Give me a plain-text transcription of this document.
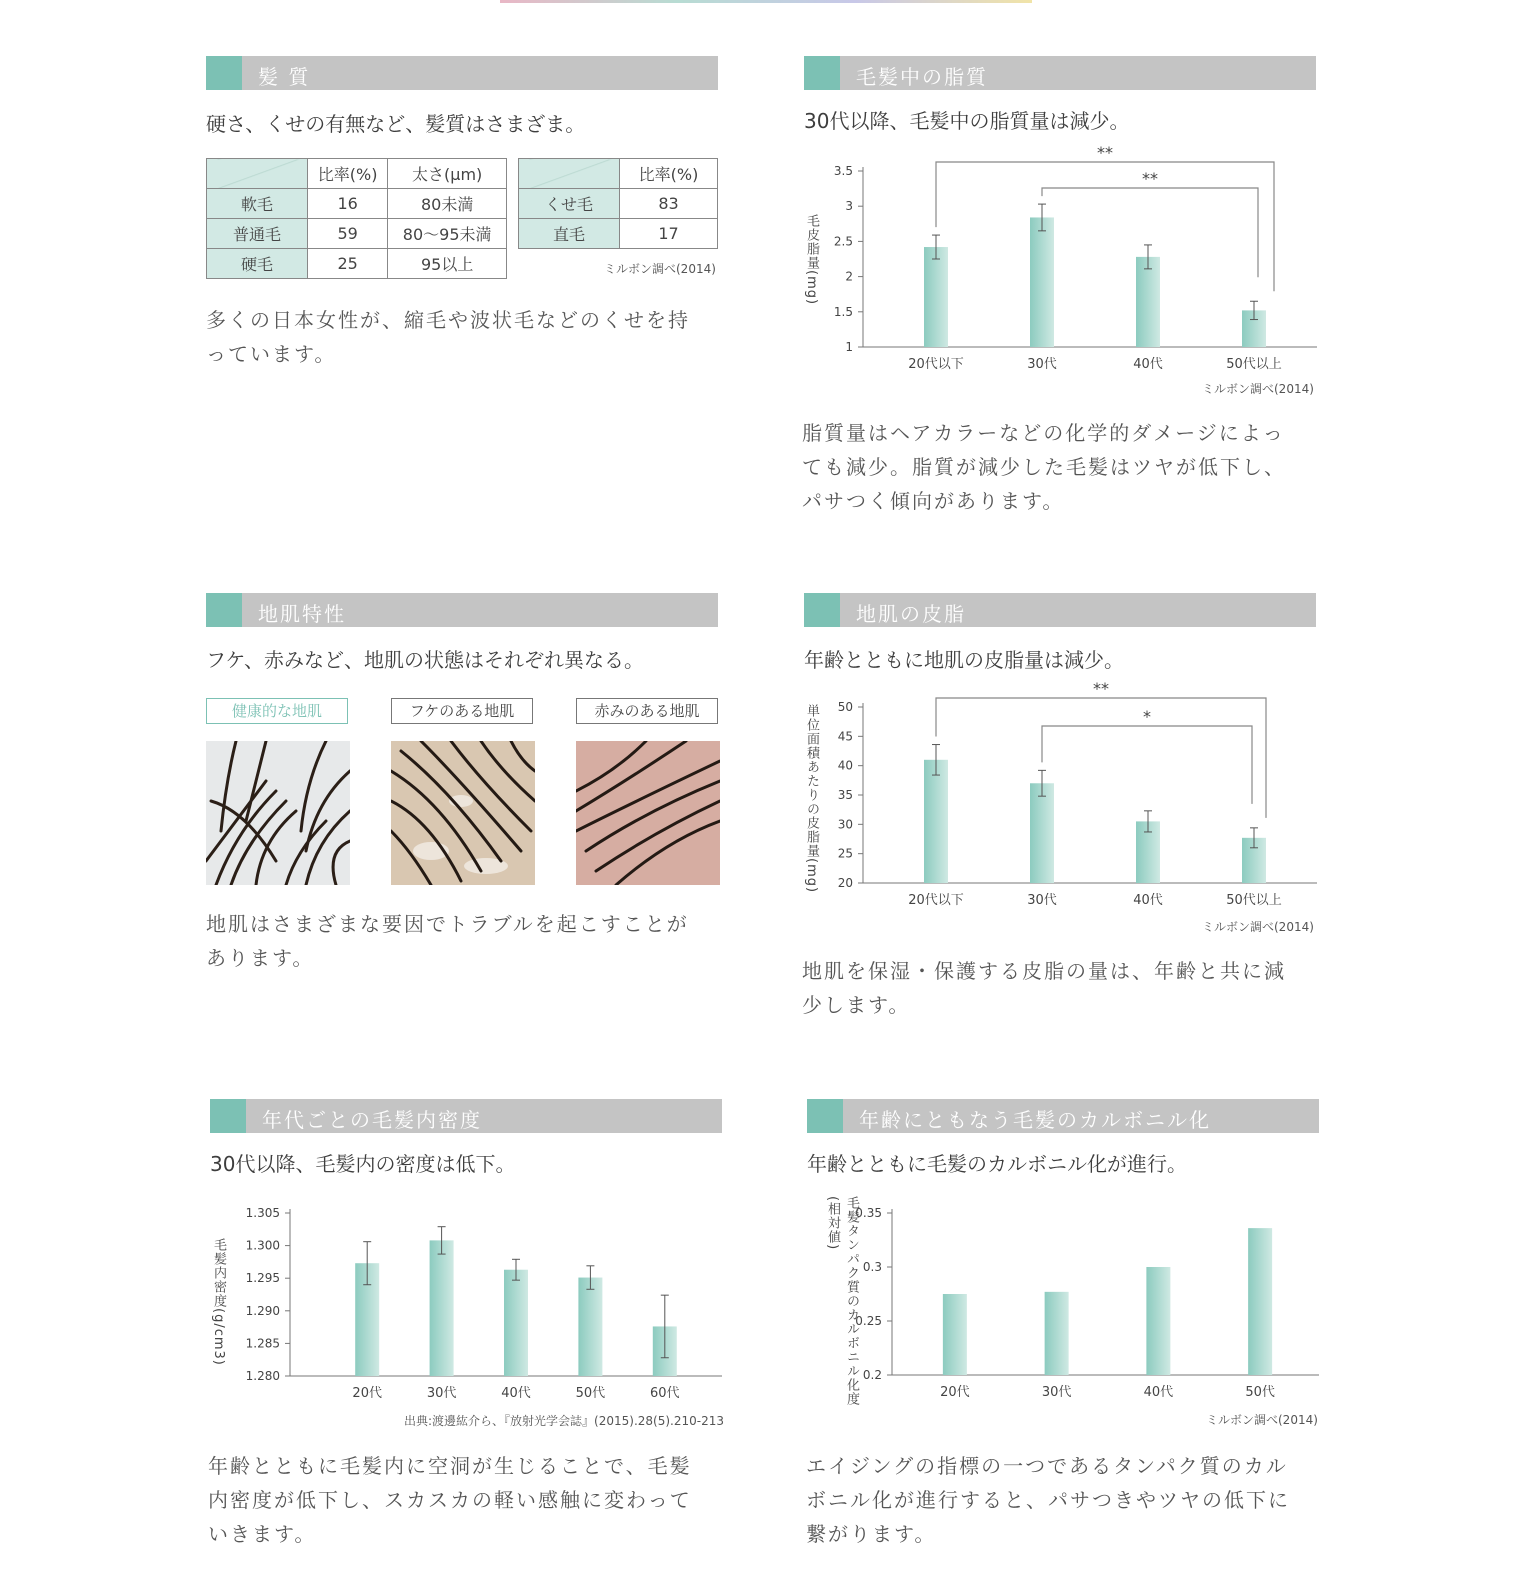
髪 質
硬さ、くせの有無など、髪質はさまざま。
	比率(%)	太さ(μm)
軟毛	16	80未満
普通毛	59	80〜95未満
硬毛	25	95以上
	比率(%)
くせ毛	83
直毛	17
ミルボン調べ(2014)
多くの日本女性が、縮毛や波状毛などのくせを持
っています。
毛髪中の脂質
30代以降、毛髪中の脂質量は減少。
毛皮脂量(mg)
1
1.5
2
2.5
3
3.5
20代以下	30代	40代	50代以上
**
**
ミルボン調べ(2014)
脂質量はヘアカラーなどの化学的ダメージによっ
ても減少。脂質が減少した毛髪はツヤが低下し、
パサつく傾向があります。
地肌特性
フケ、赤みなど、地肌の状態はそれぞれ異なる。
健康的な地肌	フケのある地肌	赤みのある地肌
地肌はさまざまな要因でトラブルを起こすことが
あります。
地肌の皮脂
年齢とともに地肌の皮脂量は減少。
単位面積あたりの皮脂量(mg) 20
25
30
35
40
45
50
20代以下	30代	40代	50代以上
**
*
ミルボン調べ(2014)
地肌を保湿・保護する皮脂の量は、年齢と共に減
少します。
年代ごとの毛髪内密度
30代以降、毛髪内の密度は低下。
毛髪内密度(g/cm3)
1.280
1.285
1.290
1.295
1.300
1.305
20代	30代	40代	50代	60代
出典:渡邊紘介ら、『放射光学会誌』(2015).28(5).210-213
年齢とともに毛髪内に空洞が生じることで、毛髪
内密度が低下し、スカスカの軽い感触に変わって
いきます。
年齢にともなう毛髪のカルボニル化
年齢とともに毛髪のカルボニル化が進行。
毛髪タンパク質のカルボニル化度(相対値)
0.2
0.25
0.3
0.35
20代	30代	40代	50代
ミルボン調べ(2014)
エイジングの指標の一つであるタンパク質のカル
ボニル化が進行すると、パサつきやツヤの低下に
繋がります。
